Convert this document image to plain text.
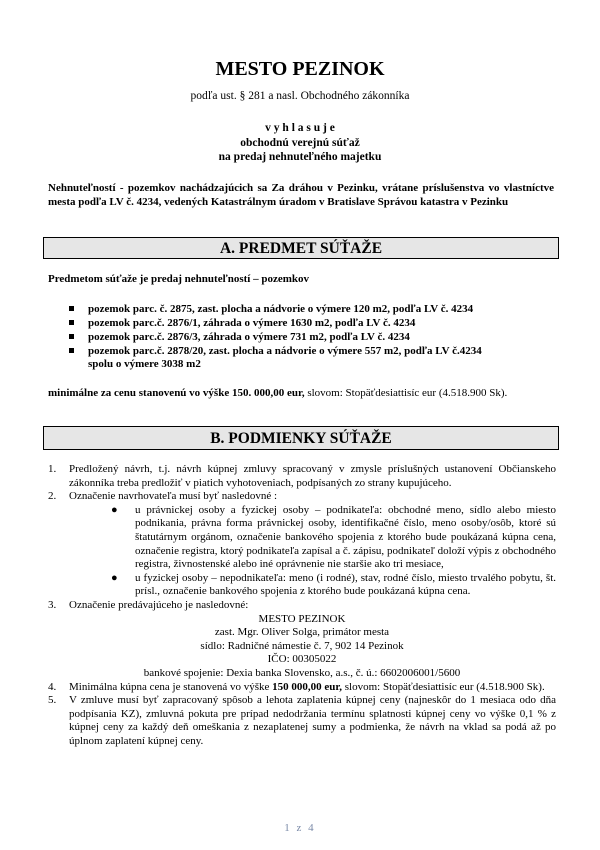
MESTO PEZINOK
podľa ust. § 281 a nasl. Obchodného zákonníka
v y h l a s u j e
obchodnú verejnú súťaž
na predaj nehnuteľného majetku
Nehnuteľností - pozemkov nachádzajúcich sa Za dráhou v Pezinku, vrátane príslušenstva vo vlastníctve mesta podľa LV č. 4234, vedených Katastrálnym úradom v Bratislave Správou katastra v Pezinku
A. PREDMET SÚŤAŽE
Predmetom súťaže je predaj nehnuteľností – pozemkov
pozemok parc. č. 2875, zast. plocha a nádvorie o výmere 120 m2, podľa LV č. 4234
pozemok parc.č. 2876/1, záhrada o výmere 1630 m2, podľa LV č. 4234
pozemok parc.č. 2876/3, záhrada o výmere 731 m2, podľa LV č. 4234
pozemok parc.č. 2878/20, zast. plocha a nádvorie o výmere 557 m2, podľa LV č.4234
spolu o výmere 3038 m2
minimálne za cenu stanovenú vo výške 150. 000,00 eur, slovom: Stopäťdesiattisíc eur (4.518.900 Sk).
B. PODMIENKY SÚŤAŽE
1. Predložený návrh, t.j. návrh kúpnej zmluvy spracovaný v zmysle príslušných ustanovení Občianskeho zákonníka treba predložiť v piatich vyhotoveniach, podpísaných zo strany kupujúceho.
2. Označenie navrhovateľa musí byť nasledovné :
● u právnickej osoby a fyzickej osoby – podnikateľa: obchodné meno, sídlo alebo miesto podnikania, právna forma právnickej osoby, identifikačné číslo, meno osoby/osôb, ktoré sú štatutárnym orgánom, označenie bankového spojenia z ktorého bude poukázaná kúpna cena, označenie registra, ktorý podnikateľa zapísal a č. zápisu, podnikateľ doloží výpis z obchodného registra, živnostenské alebo iné oprávnenie nie staršie ako tri mesiace,
● u fyzickej osoby – nepodnikateľa: meno (i rodné), stav, rodné číslo, miesto trvalého pobytu, št. prísl., označenie bankového spojenia z ktorého bude poukázaná kúpna cena.
3. Označenie predávajúceho je nasledovné:
MESTO PEZINOK
zast. Mgr. Oliver Solga, primátor mesta
sídlo: Radničné námestie č. 7, 902 14 Pezinok
IČO: 00305022
bankové spojenie: Dexia banka Slovensko, a.s., č. ú.: 6602006001/5600
4. Minimálna kúpna cena je stanovená vo výške 150 000,00 eur, slovom: Stopäťdesiattisíc eur (4.518.900 Sk).
5. V zmluve musí byť zapracovaný spôsob a lehota zaplatenia kúpnej ceny (najneskôr do 1 mesiaca odo dňa podpísania KZ), zmluvná pokuta pre prípad nedodržania termínu splatnosti kúpnej ceny vo výške 0,1 % z kúpnej ceny za každý deň omeškania z nezaplatenej sumy a podmienka, že návrh na vklad sa podá až po úplnom zaplatení kúpnej ceny.
1 z 4
